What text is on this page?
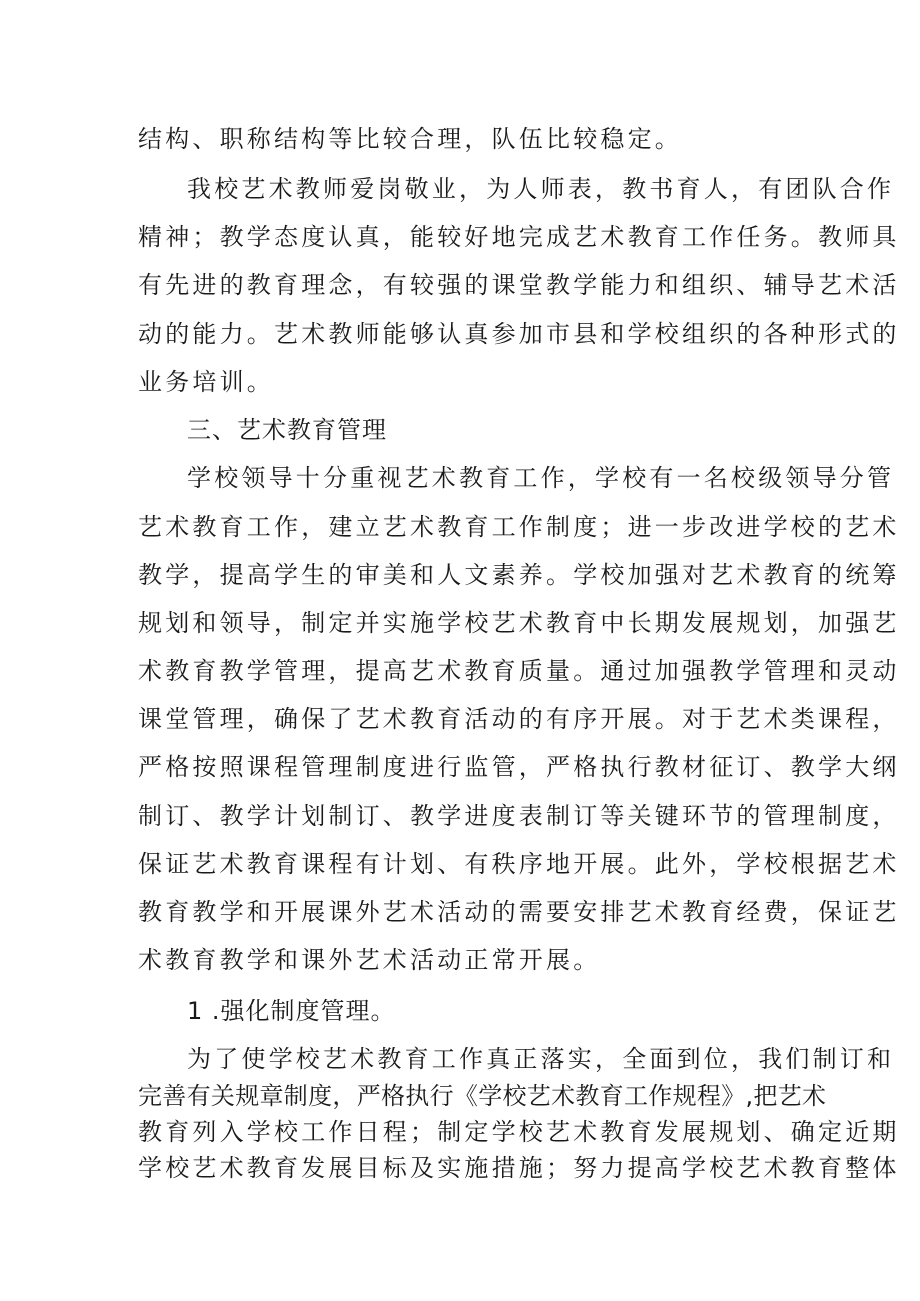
结构、职称结构等比较合理，队伍比较稳定。
我校艺术教师爱岗敬业，为人师表，教书育人，有团队合作
精神；教学态度认真，能较好地完成艺术教育工作任务。教师具
有先进的教育理念，有较强的课堂教学能力和组织、辅导艺术活
动的能力。艺术教师能够认真参加市县和学校组织的各种形式的
业务培训。
三、艺术教育管理
学校领导十分重视艺术教育工作，学校有一名校级领导分管
艺术教育工作，建立艺术教育工作制度；进一步改进学校的艺术
教学，提高学生的审美和人文素养。学校加强对艺术教育的统筹
规划和领导，制定并实施学校艺术教育中长期发展规划，加强艺
术教育教学管理，提高艺术教育质量。通过加强教学管理和灵动
课堂管理，确保了艺术教育活动的有序开展。对于艺术类课程，
严格按照课程管理制度进行监管，严格执行教材征订、教学大纲
制订、教学计划制订、教学进度表制订等关键环节的管理制度，
保证艺术教育课程有计划、有秩序地开展。此外，学校根据艺术
教育教学和开展课外艺术活动的需要安排艺术教育经费，保证艺
术教育教学和课外艺术活动正常开展。
1 .强化制度管理。
为了使学校艺术教育工作真正落实，全面到位，我们制订和
完善有关规章制度，严格执行《学校艺术教育工作规程》,把艺术
教育列入学校工作日程；制定学校艺术教育发展规划、确定近期
学校艺术教育发展目标及实施措施；努力提高学校艺术教育整体
